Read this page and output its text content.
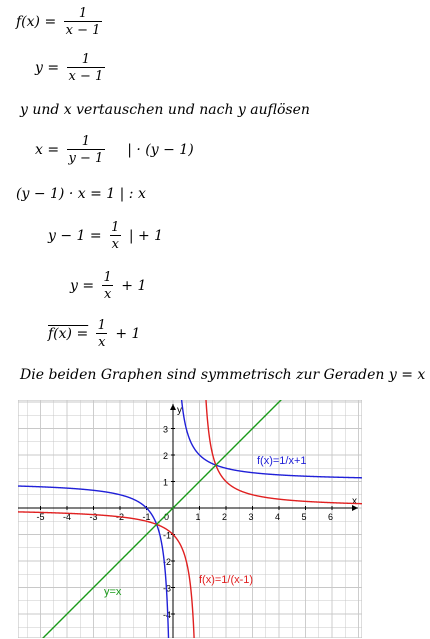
$f(x) = \frac{1}{x - 1}$
$y = \frac{1}{x - 1}$
y und x vertauschen und nach y auflösen
$x = \frac{1}{y - 1}$ | · (y − 1)
(y − 1) · x = 1 | : x
$y - 1 = \frac{1}{x}$ | + 1
$y = \frac{1}{x} + 1$
$f(x) = \frac{1}{x} + 1$
Die beiden Graphen sind symmetrisch zur Geraden y = x
x
y
-5 -4 -3 -2 -1 0	1 2 3 4 5 6
3
2
1
-1
-2
-3
-4
f(x)=1/x+1
f(x)=1/(x-1)
y=x
